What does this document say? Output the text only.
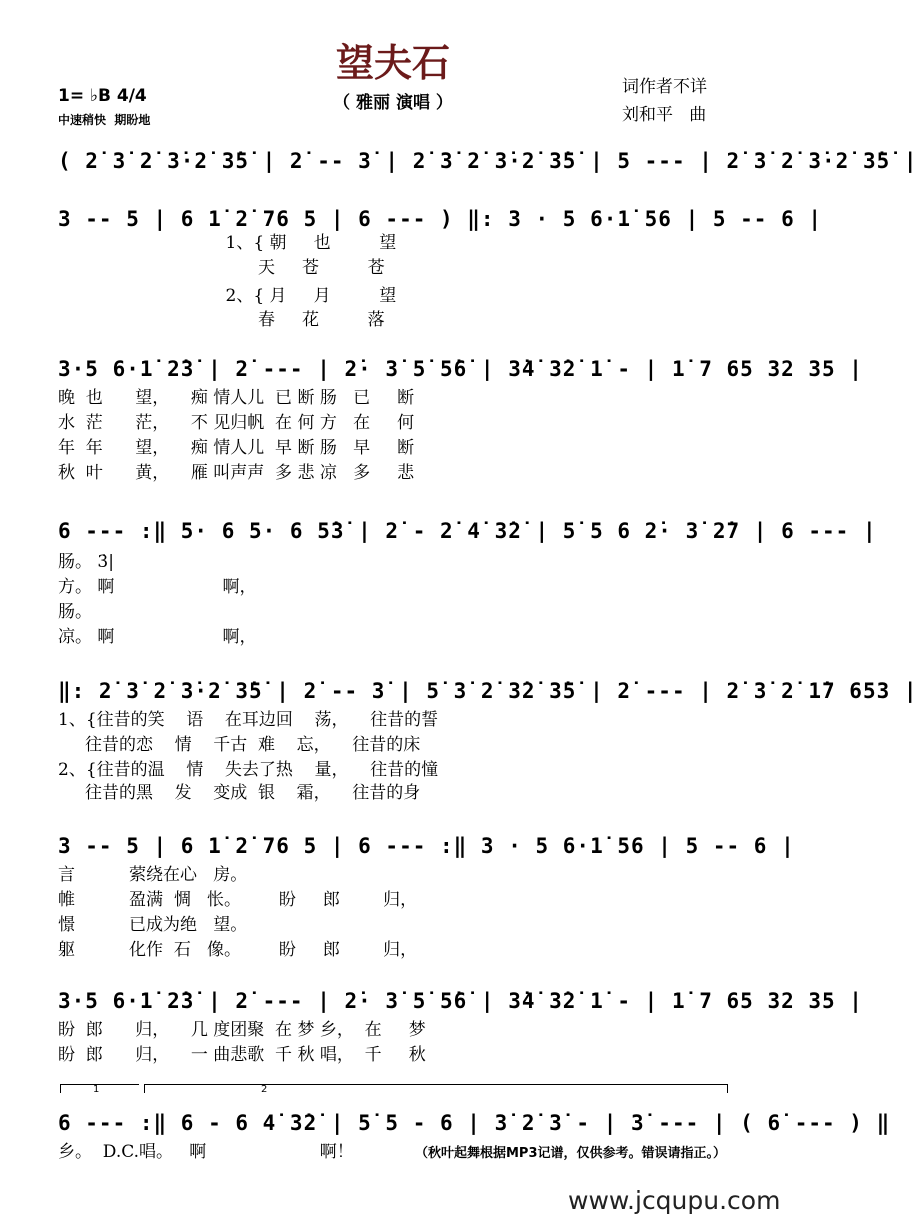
望夫石
（ 雅丽 演唱 ）
1= ♭B 4/4
中速稍快  期盼地
词作者不详
刘和平   曲
( 2̇ 3̇ 2̇ 3̇·2̇ 3̇5̇ | 2̇ -- 3̇ | 2̇ 3̇ 2̇ 3̇·2̇ 3̇5̇ | 5 --- | 2̇ 3̇ 2̇ 3̇·2̇ 3̇5̇ |
3 -- 5 | 6 1̇ 2̇ 76 5 | 6 --- ) ‖: 3 · 5 6·1̇ 56 | 5 -- 6 |
1、{ 朝     也         望
天     苍         苍
2、{ 月     月         望
春     花         落
3·5 6·1̇ 2̇3̇ | 2̇ --- | 2̇· 3̇ 5̇ 5̇6̇ | 3̇4̇ 3̇2̇ 1̇ - | 1̇ 7 65 32 35 |
晚  也      望，    痴 情人儿  已 断 肠   已     断
水  茫      茫，    不 见归帆  在 何 方   在     何
年  年      望，    痴 情人儿  早 断 肠   早     断
秋  叶      黄，    雁 叫声声  多 悲 凉   多     悲
6 --- :‖ 5· 6 5· 6 5̇3̇ | 2̇ - 2̇ 4̇ 3̇2̇ | 5̇ 5 6 2̇· 3̇ 2̇7 | 6 --- |
肠。 3̇|
方。 啊                    啊，
肠。
凉。 啊                    啊，
‖: 2̇ 3̇ 2̇ 3̇·2̇ 3̇5̇ | 2̇ -- 3̇ | 5̇ 3̇ 2̇ 3̇2̇ 3̇5̇ | 2̇ --- | 2̇ 3̇ 2̇ 1̇7 653 |
1、{往昔的笑    语    在耳边回    荡，    往昔的誓
往昔的恋    情    千古  难    忘，    往昔的床
2、{往昔的温    情    失去了热    量，    往昔的憧
往昔的黑    发    变成  银    霜，    往昔的身
3 -- 5 | 6 1̇ 2̇ 76 5 | 6 --- :‖ 3 · 5 6·1̇ 56 | 5 -- 6 |
言          萦绕在心   房。
帷          盈满  惆   怅。       盼     郎        归，
憬          已成为绝   望。
躯          化作  石   像。       盼     郎        归，
3·5 6·1̇ 2̇3̇ | 2̇ --- | 2̇· 3̇ 5̇ 5̇6̇ | 3̇4̇ 3̇2̇ 1̇ - | 1̇ 7 65 32 35 |
盼  郎      归，    几 度团聚  在 梦 乡，  在     梦
盼  郎      归，    一 曲悲歌  千 秋 唱，  千     秋
6 --- :‖ 6 - 6 4̇ 3̇2̇ | 5̇ 5 - 6 | 3̇ 2̇ 3̇ - | 3̇ --- | ( 6̇ --- ) ‖
乡。  D.C.唱。   啊                     啊！
1	2
（秋叶起舞根据MP3记谱，仅供参考。错误请指正。）
www.jcqupu.com
